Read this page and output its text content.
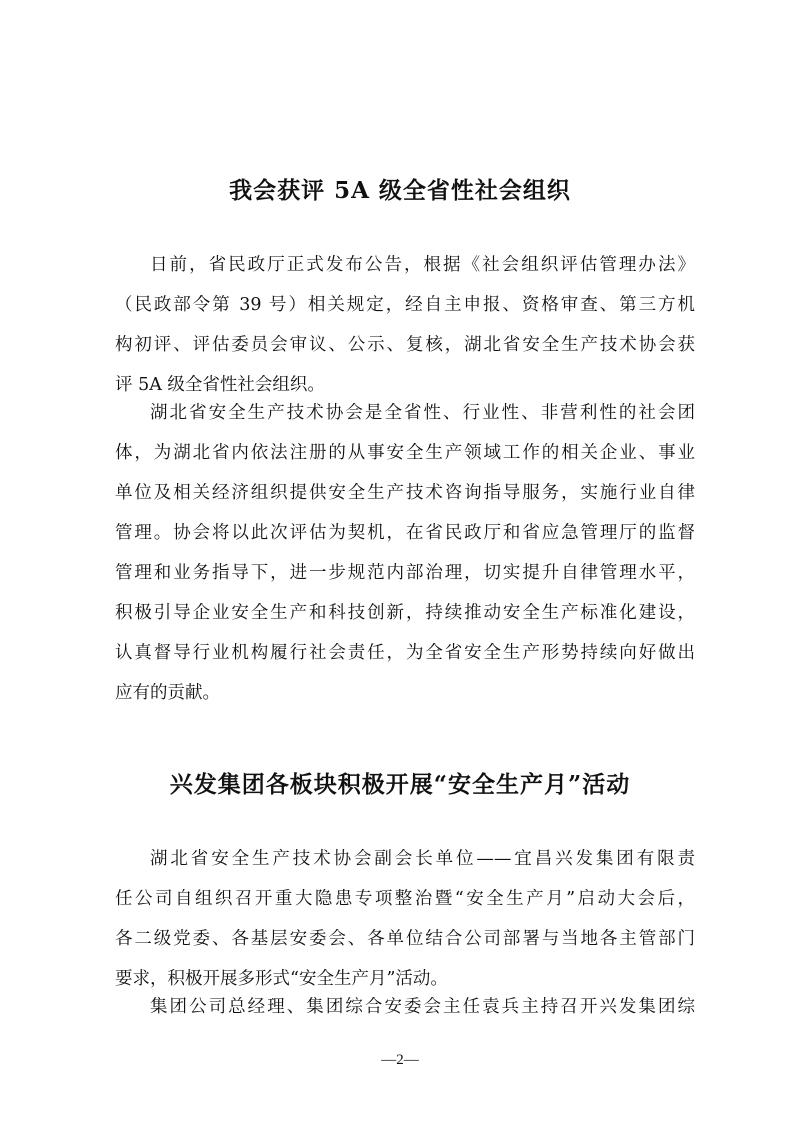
我会获评 5A 级全省性社会组织
日前，省民政厅正式发布公告，根据《社会组织评估管理办法》
（民政部令第 39 号）相关规定，经自主申报、资格审查、第三方机
构初评、评估委员会审议、公示、复核，湖北省安全生产技术协会获
评 5A 级全省性社会组织。
湖北省安全生产技术协会是全省性、行业性、非营利性的社会团
体，为湖北省内依法注册的从事安全生产领域工作的相关企业、事业
单位及相关经济组织提供安全生产技术咨询指导服务，实施行业自律
管理。协会将以此次评估为契机，在省民政厅和省应急管理厅的监督
管理和业务指导下，进一步规范内部治理，切实提升自律管理水平，
积极引导企业安全生产和科技创新，持续推动安全生产标准化建设，
认真督导行业机构履行社会责任，为全省安全生产形势持续向好做出
应有的贡献。
兴发集团各板块积极开展“安全生产月”活动
湖北省安全生产技术协会副会长单位——宜昌兴发集团有限责
任公司自组织召开重大隐患专项整治暨“安全生产月”启动大会后，
各二级党委、各基层安委会、各单位结合公司部署与当地各主管部门
要求，积极开展多形式“安全生产月”活动。
集团公司总经理、集团综合安委会主任袁兵主持召开兴发集团综
—2—
